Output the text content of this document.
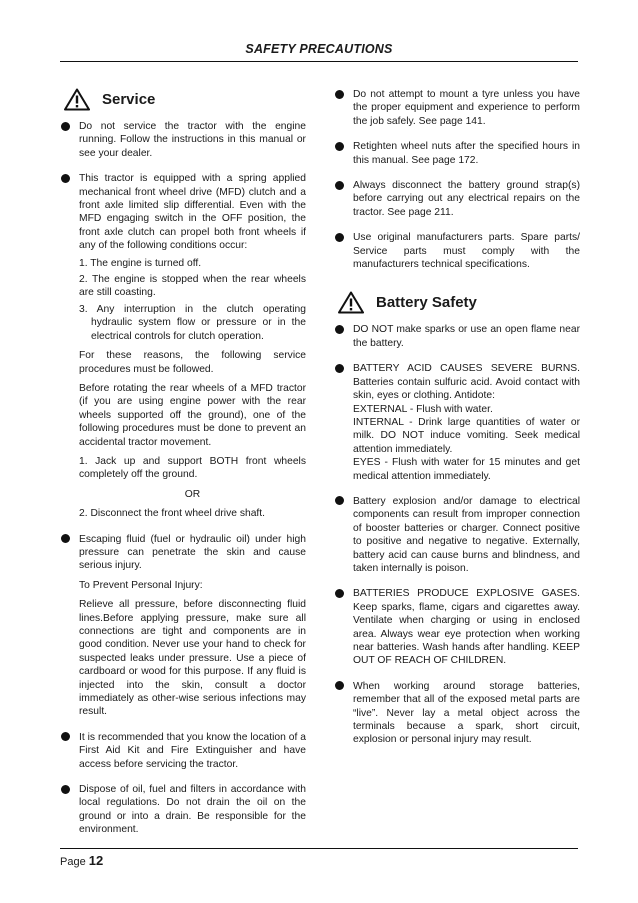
SAFETY PRECAUTIONS
Service

Do not service the tractor with the engine running. Follow the instructions in this manual or see your dealer.

This tractor is equipped with a spring applied mechanical front wheel drive (MFD) clutch and a front axle limited slip differential. Even with the MFD engaging switch in the OFF position, the front axle clutch can propel both front wheels if any of the following conditions occur:

1. The engine is turned off.
2. The engine is stopped when the rear wheels are still coasting.
3. Any interruption in the clutch operating hydraulic system flow or pressure or in the electrical controls for clutch operation.
For these reasons, the following service procedures must be followed.
Before rotating the rear wheels of a MFD tractor (if you are using engine power with the rear wheels supported off the ground), one of the following procedures must be done to prevent an accidental tractor movement.
1. Jack up and support BOTH front wheels completely off the ground.
OR
2. Disconnect the front wheel drive shaft.

Escaping fluid (fuel or hydraulic oil) under high pressure can penetrate the skin and cause serious injury.

To Prevent Personal Injury:
Relieve all pressure, before disconnecting fluid lines.Before applying pressure, make sure all connections are tight and components are in good condition. Never use your hand to check for suspected leaks under pressure. Use a piece of cardboard or wood for this purpose. If any fluid is injected into the skin, consult a doctor immediately as other-wise serious infections may result.

It is recommended that you know the location of a First Aid Kit and Fire Extinguisher and have access before servicing the tractor.

Dispose of oil, fuel and filters in accordance with local regulations. Do not drain the oil on the ground or into a drain. Be responsible for the environment.

Do not attempt to mount a tyre unless you have the proper equipment and experience to perform the job safely. See page 141.

Retighten wheel nuts after the specified hours in this manual. See page 172.

Always disconnect the battery ground strap(s) before carrying out any electrical repairs on the tractor. See page 211.

Use original manufacturers parts. Spare parts/ Service parts must comply with the manufacturers technical specifications.

Battery Safety

DO NOT make sparks or use an open flame near the battery.

BATTERY ACID CAUSES SEVERE BURNS. Batteries contain sulfuric acid. Avoid contact with skin, eyes or clothing. Antidote:
EXTERNAL - Flush with water.
INTERNAL - Drink large quantities of water or milk. DO NOT induce vomiting. Seek medical attention immediately.
EYES - Flush with water for 15 minutes and get medical attention immediately.

Battery explosion and/or damage to electrical components can result from improper connection of booster batteries or charger. Connect positive to positive and negative to negative. Externally, battery acid can cause burns and blindness, and taken internally is poison.

BATTERIES PRODUCE EXPLOSIVE GASES. Keep sparks, flame, cigars and cigarettes away. Ventilate when charging or using in enclosed area. Always wear eye protection when working near batteries. Wash hands after handling. KEEP OUT OF REACH OF CHILDREN.

When working around storage batteries, remember that all of the exposed metal parts are “live”. Never lay a metal object across the terminals because a spark, short circuit, explosion or personal injury may result.

Page 12
